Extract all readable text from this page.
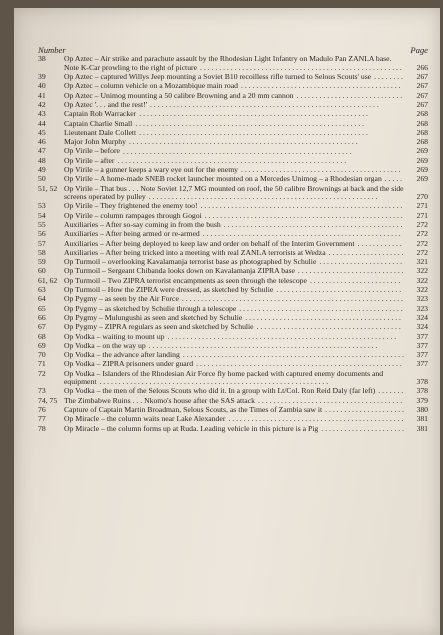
Number	Page
38	Op Aztec – Air strike and parachute assault by the Rhodesian Light Infantry on Madulo Pan ZANLA base. Note K-Car prowling to the right of picture	266
. . . . . . . . . . . . . . . . . . . . . . . . . . . . . . . . . . . . . . . . . . . . . . . . . . . . .
39	Op Aztec – captured Willys Jeep mounting a Soviet B10 recoilless rifle turned to Selous Scouts' use	267
. . . . . . . .
40	Op Aztec – column vehicle on a Mozambique main road	267
. . . . . . . . . . . . . . . . . . . . . . . . . . . . . . . . . . . . . . . . . .
41	Op Aztec – Unimog mounting a 50 calibre Browning and a 20 mm cannon	267
. . . . . . . . . . . . . . . . . . . . . . . . . . . .
42	Op Aztec '. . . and the rest!'	267
. . . . . . . . . . . . . . . . . . . . . . . . . . . . . . . . . . . . . . . . . . . . . . . . . . . . . . . . . . . .
43	Captain Rob Warracker	268
. . . . . . . . . . . . . . . . . . . . . . . . . . . . . . . . . . . . . . . . . . . . . . . . . . . . . . . . . . . .
44	Captain Charlie Small	268
. . . . . . . . . . . . . . . . . . . . . . . . . . . . . . . . . . . . . . . . . . . . . . . . . . . . . . . . . . . .
45	Lieutenant Dale Collett	268
. . . . . . . . . . . . . . . . . . . . . . . . . . . . . . . . . . . . . . . . . . . . . . . . . . . . . . . . . . . .
46	Major John Murphy	268
. . . . . . . . . . . . . . . . . . . . . . . . . . . . . . . . . . . . . . . . . . . . . . . . . . . . . . . . . . . .
47	Op Virile – before	269
. . . . . . . . . . . . . . . . . . . . . . . . . . . . . . . . . . . . . . . . . . . . . . . . . . . . . . . . . . . .
48	Op Virile – after	269
. . . . . . . . . . . . . . . . . . . . . . . . . . . . . . . . . . . . . . . . . . . . . . . . . . . . . . . . . . . .
49	Op Virile – a gunner keeps a wary eye out for the enemy	269
. . . . . . . . . . . . . . . . . . . . . . . . . . . . . . . . . . . . . . . . . .
50	Op Virile – A home-made SNEB rocket launcher mounted on a Mercedes Unimog – a Rhodesian organ	269
. . . . .
51, 52 Op Virile – That bus . . . Note Soviet 12,7 MG mounted on roof, the 50 calibre Brownings at back and the side screens operated by pulley	270
. . . . . . . . . . . . . . . . . . . . . . . . . . . . . . . . . . . . . . . . . . . . . . . . . . . . . . . . . . . .
53	Op Virile – They frightened the enemy too!	271
. . . . . . . . . . . . . . . . . . . . . . . . . . . . . . . . . . . . . . . . . . . . . . . . . . . . .
54	Op Virile – column rampages through Gogoi	271
. . . . . . . . . . . . . . . . . . . . . . . . . . . . . . . . . . . . . . . . . . . . . . . . . . . .
55	Auxiliaries – After so-say coming in from the bush	272
. . . . . . . . . . . . . . . . . . . . . . . . . . . . . . . . . . . . . . . . . . . . . . .
56	Auxiliaries – After being armed or re-armed	272
. . . . . . . . . . . . . . . . . . . . . . . . . . . . . . . . . . . . . . . . . . . . . . . . . . . .
57	Auxiliaries – After being deployed to keep law and order on behalf of the Interim Government	272
. . . . . . . . . . . .
58	Auxiliaries – After being tricked into a meeting with real ZANLA terrorists at Wedza	272
. . . . . . . . . . . . . . . . . . . .
59	Op Turmoil – overlooking Kavalamanja terrorist base as photographed by Schulie	321
. . . . . . . . . . . . . . . . . . . . . .
60	Op Turmoil – Sergeant Chibanda looks down on Kavalamanja ZIPRA base	322
. . . . . . . . . . . . . . . . . . . . . . . . . . . .
61, 62 Op Turmoil – Two ZIPRA terrorist encampments as seen through the telescope	322
. . . . . . . . . . . . . . . . . . . . . . . .
63	Op Turmoil – How the ZIPRA were dressed, as sketched by Schulie	322
. . . . . . . . . . . . . . . . . . . . . . . . . . . . . . . . .
64	Op Pygmy – as seen by the Air Force	323
. . . . . . . . . . . . . . . . . . . . . . . . . . . . . . . . . . . . . . . . . . . . . . . . . . . . . . . . . .
65	Op Pygmy – as sketched by Schulie through a telescope	323
. . . . . . . . . . . . . . . . . . . . . . . . . . . . . . . . . . . . . . . . . . .
66	Op Pygmy – Mulungushi as seen and sketched by Schulie	324
. . . . . . . . . . . . . . . . . . . . . . . . . . . . . . . . . . . . . . . . .
67	Op Pygmy – ZIPRA regulars as seen and sketched by Schulie	324
. . . . . . . . . . . . . . . . . . . . . . . . . . . . . . . . . . . . . .
68	Op Vodka – waiting to mount up	377
. . . . . . . . . . . . . . . . . . . . . . . . . . . . . . . . . . . . . . . . . . . . . . . . . . . . . . . . . . . .
69	Op Vodka – on the way up	377
. . . . . . . . . . . . . . . . . . . . . . . . . . . . . . . . . . . . . . . . . . . . . . . . . . . . . . . . . . . .
70	Op Vodka – the advance after landing	377
. . . . . . . . . . . . . . . . . . . . . . . . . . . . . . . . . . . . . . . . . . . . . . . . . . . . . . . . . .
71	Op Vodka – ZIPRA prisoners under guard	377
. . . . . . . . . . . . . . . . . . . . . . . . . . . . . . . . . . . . . . . . . . . . . . . . . . . . . .
72	Op Vodka – Islanders of the Rhodesian Air Force fly home packed with captured enemy documents and equipment	378
. . . . . . . . . . . . . . . . . . . . . . . . . . . . . . . . . . . . . . . . . . . . . . . . . . . . . . . . . . . .
73	Op Vodka – the men of the Selous Scouts who did it. In a group with Lt/Col. Ron Reid Daly (far left)	378
. . . . . . .
74, 75 The Zimbabwe Ruins . . . Nkomo's house after the SAS attack	379
. . . . . . . . . . . . . . . . . . . . . . . . . . . . . . . . . . . . . .
76	Capture of Captain Martin Broadman, Selous Scouts, as the Times of Zambia saw it	380
. . . . . . . . . . . . . . . . . . . . .
77	Op Miracle – the column waits near Lake Alexander	381
. . . . . . . . . . . . . . . . . . . . . . . . . . . . . . . . . . . . . . . . . . . . . .
78	Op Miracle – the column forms up at Ruda. Leading vehicle in this picture is a Pig	381
. . . . . . . . . . . . . . . . . . . . . .
